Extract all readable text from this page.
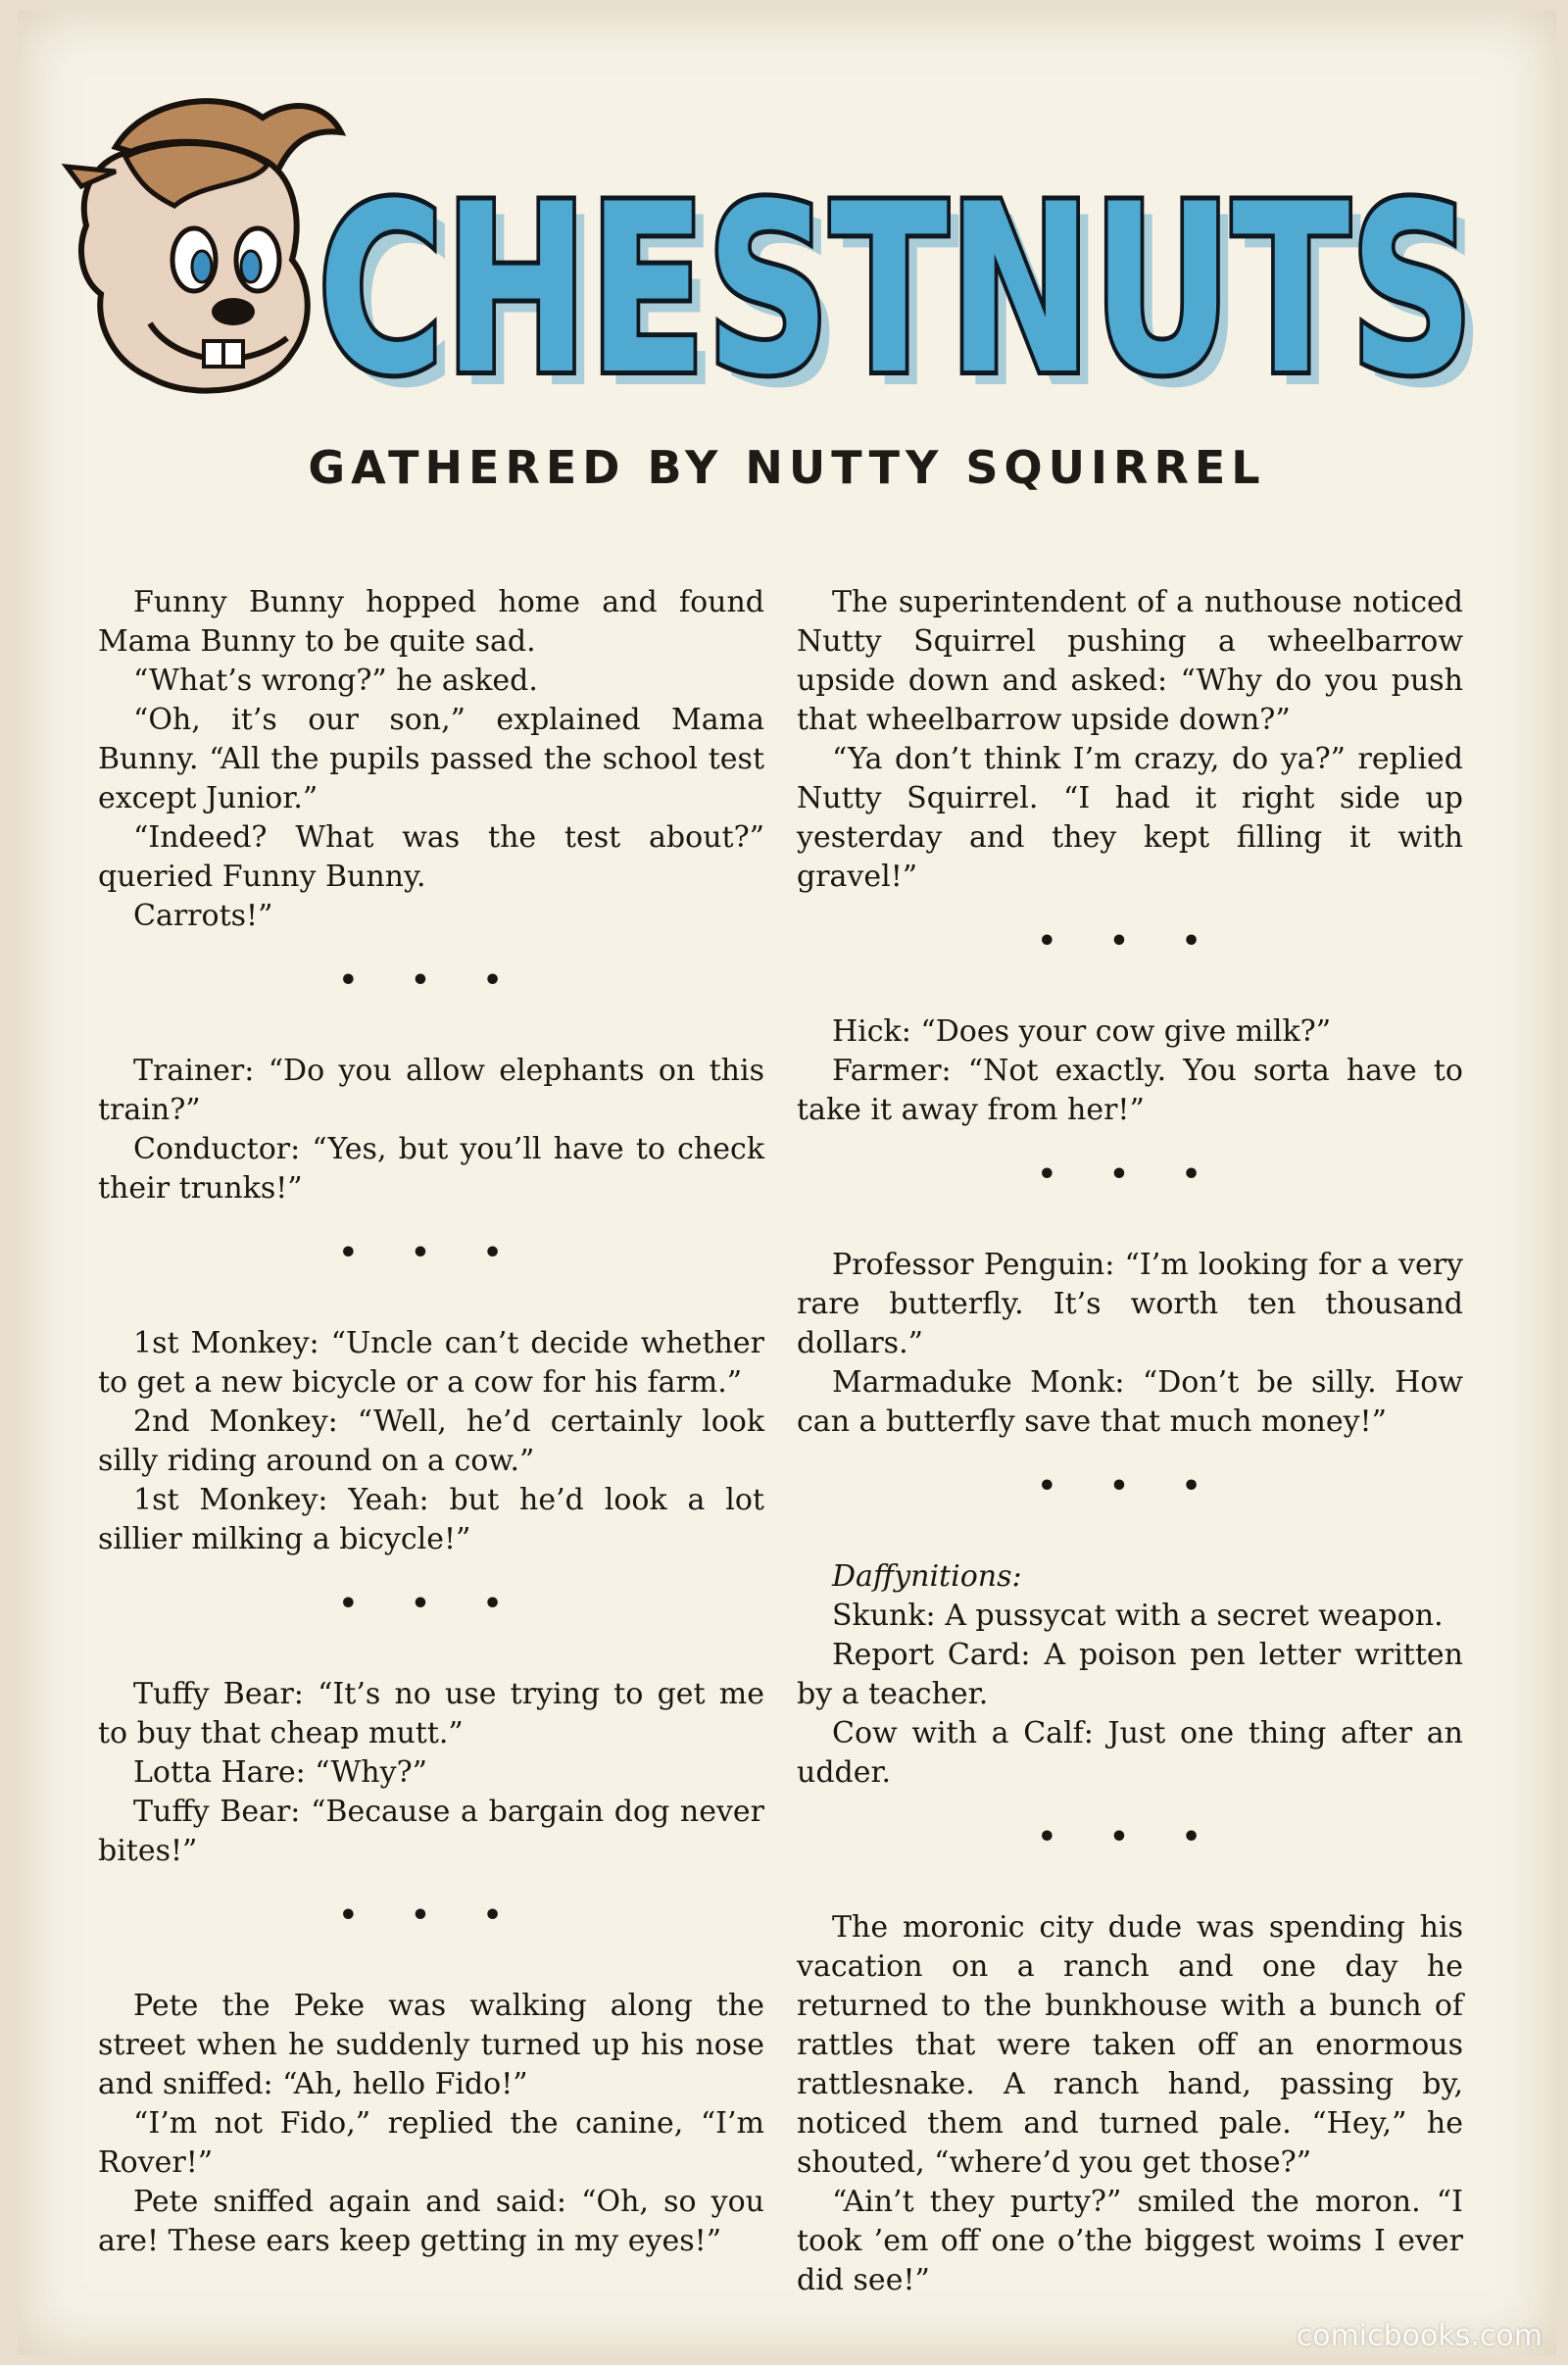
CHESTNUTS
CHESTNUTS
GATHERED BY NUTTY SQUIRREL

Funny Bunny hopped home and found Mama Bunny to be quite sad.

“What’s wrong?” he asked.

“Oh, it’s our son,” explained Mama Bunny. “All the pupils passed the school test except Junior.”

“Indeed? What was the test about?” queried Funny Bunny.

Carrots!”

• • •

Trainer: “Do you allow elephants on this train?”

Conductor: “Yes, but you’ll have to check their trunks!”

• • •

1st Monkey: “Uncle can’t decide whether to get a new bicycle or a cow for his farm.”

2nd Monkey: “Well, he’d certainly look silly riding around on a cow.”

1st Monkey: Yeah: but he’d look a lot sillier milking a bicycle!”

• • •

Tuffy Bear: “It’s no use trying to get me to buy that cheap mutt.”

Lotta Hare: “Why?”

Tuffy Bear: “Because a bargain dog never bites!”

• • •

Pete the Peke was walking along the street when he suddenly turned up his nose and sniffed: “Ah, hello Fido!”

“I’m not Fido,” replied the canine, “I’m Rover!”

Pete sniffed again and said: “Oh, so you are! These ears keep getting in my eyes!”

The superintendent of a nuthouse noticed Nutty Squirrel pushing a wheelbarrow upside down and asked: “Why do you push that wheelbarrow upside down?”

“Ya don’t think I’m crazy, do ya?” replied Nutty Squirrel. “I had it right side up yesterday and they kept filling it with gravel!”

• • •

Hick: “Does your cow give milk?”

Farmer: “Not exactly. You sorta have to take it away from her!”

• • •

Professor Penguin: “I’m looking for a very rare butterfly. It’s worth ten thousand dollars.”

Marmaduke Monk: “Don’t be silly. How can a butterfly save that much money!”

• • •

Daffynitions:

Skunk: A pussycat with a secret weapon.

Report Card: A poison pen letter written by a teacher.

Cow with a Calf: Just one thing after an udder.

• • •

The moronic city dude was spending his vacation on a ranch and one day he returned to the bunkhouse with a bunch of rattles that were taken off an enormous rattlesnake. A ranch hand, passing by, noticed them and turned pale. “Hey,” he shouted, “where’d you get those?”

“Ain’t they purty?” smiled the moron. “I took ’em off one o’the biggest woims I ever did see!”

comicbooks.com
